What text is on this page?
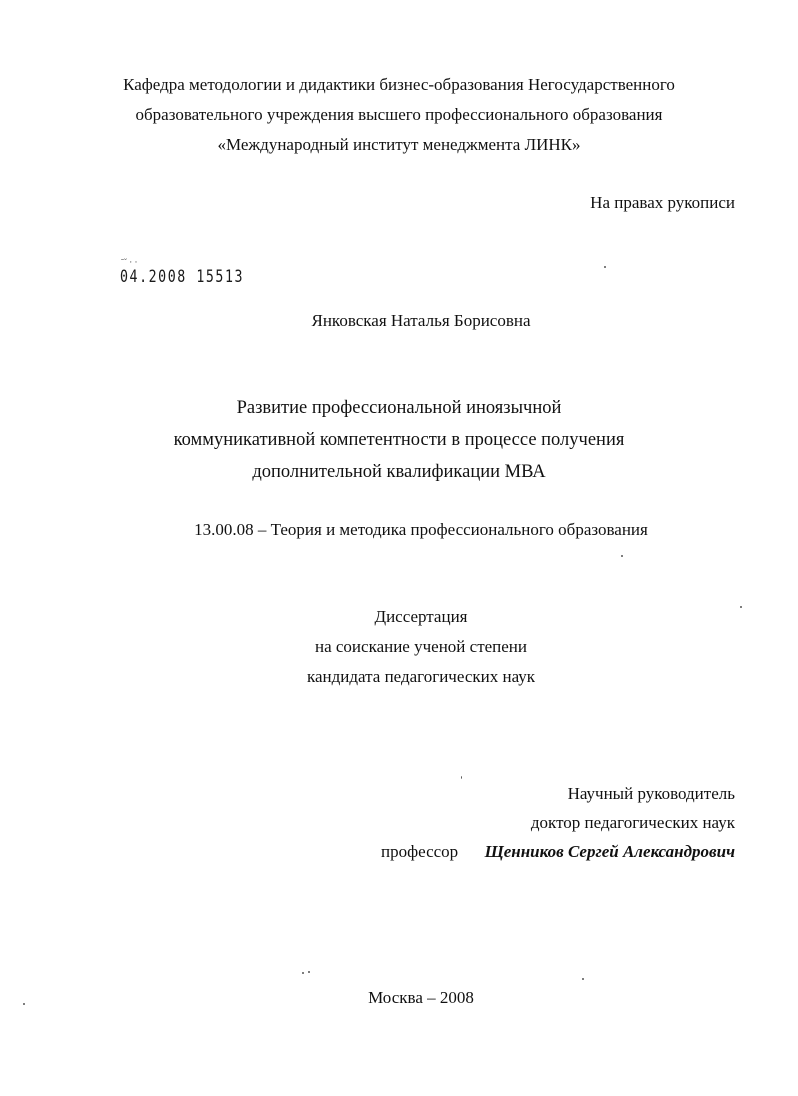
Кафедра методологии и дидактики бизнес-образования Негосударственного
образовательного учреждения высшего профессионального образования
«Международный институт менеджмента ЛИНК»
На правах рукописи
ˉ˘ · ·
04.2008 15513
Янковская Наталья Борисовна
Развитие профессиональной иноязычной
коммуникативной компетентности в процессе получения
дополнительной квалификации МВА
13.00.08 – Теория и методика профессионального образования
Диссертация
на соискание ученой степени
кандидата педагогических наук
Научный руководитель
доктор педагогических наук
профессор Щенников Сергей Александрович
Москва – 2008
